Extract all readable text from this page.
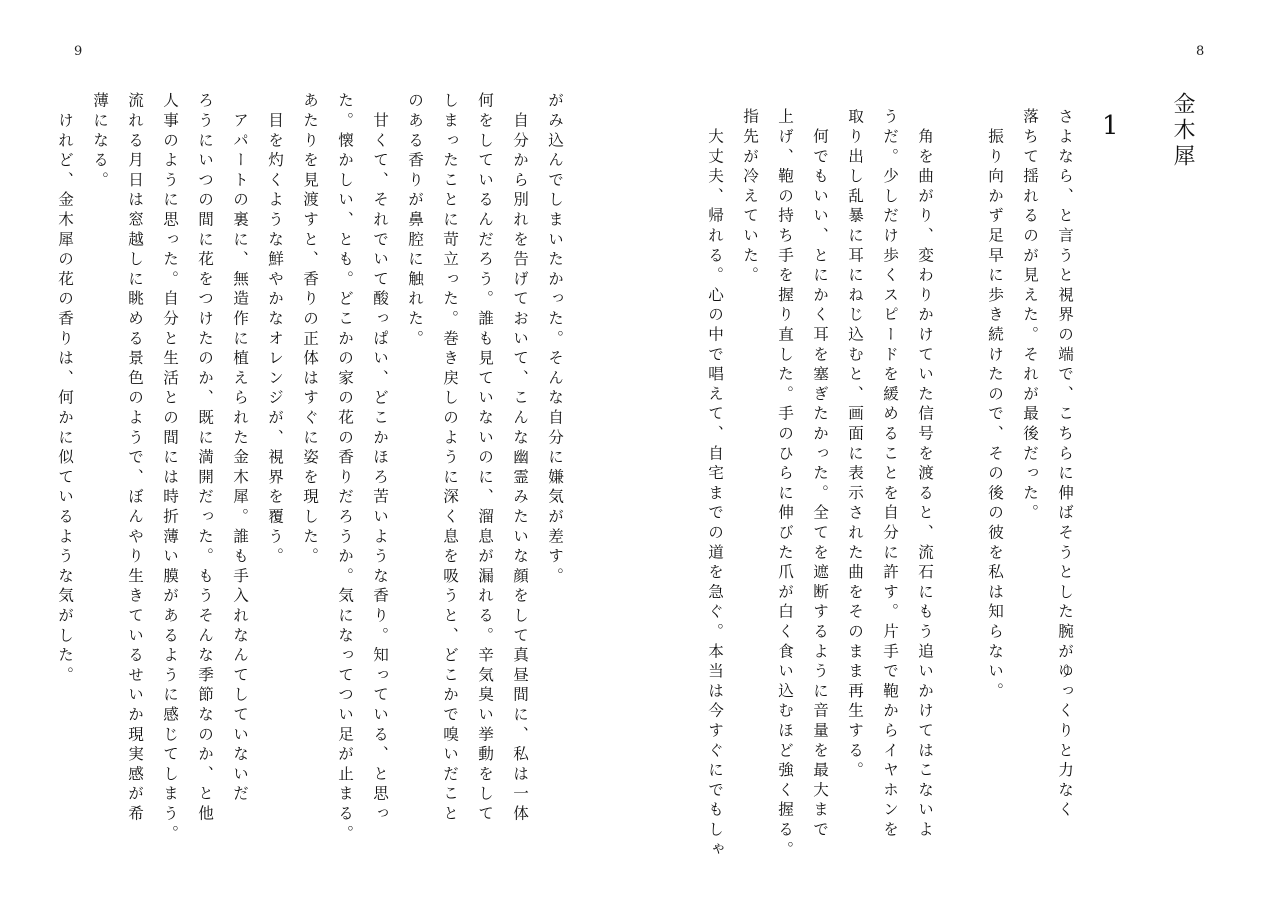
9	8
金木犀
1
さよなら、と言うと視界の端で、こちらに伸ばそうとした腕がゆっくりと力なく
落ちて揺れるのが見えた。それが最後だった。
　振り向かず足早に歩き続けたので、その後の彼を私は知らない。
　角を曲がり、変わりかけていた信号を渡ると、流石にもう追いかけてはこないよ
うだ。少しだけ歩くスピードを緩めることを自分に許す。片手で鞄からイヤホンを
取り出し乱暴に耳にねじ込むと、画面に表示された曲をそのまま再生する。
　何でもいい、とにかく耳を塞ぎたかった。全てを遮断するように音量を最大まで
上げ、鞄の持ち手を握り直した。手のひらに伸びた爪が白く食い込むほど強く握る。
指先が冷えていた。
　大丈夫、帰れる。心の中で唱えて、自宅までの道を急ぐ。本当は今すぐにでもしゃ
がみ込んでしまいたかった。そんな自分に嫌気が差す。
　自分から別れを告げておいて、こんな幽霊みたいな顔をして真昼間に、私は一体
何をしているんだろう。誰も見ていないのに、溜息が漏れる。辛気臭い挙動をして
しまったことに苛立った。巻き戻しのように深く息を吸うと、どこかで嗅いだこと
のある香りが鼻腔に触れた。
　甘くて、それでいて酸っぱい、どこかほろ苦いような香り。知っている、と思っ
た。懐かしい、とも。どこかの家の花の香りだろうか。気になってつい足が止まる。
あたりを見渡すと、香りの正体はすぐに姿を現した。
　目を灼くような鮮やかなオレンジが、視界を覆う。
　アパートの裏に、無造作に植えられた金木犀。誰も手入れなんてしていないだ
ろうにいつの間に花をつけたのか、既に満開だった。もうそんな季節なのか、と他
人事のように思った。自分と生活との間には時折薄い膜があるように感じてしまう。
流れる月日は窓越しに眺める景色のようで、ぼんやり生きているせいか現実感が希
薄になる。
　けれど、金木犀の花の香りは、何かに似ているような気がした。
